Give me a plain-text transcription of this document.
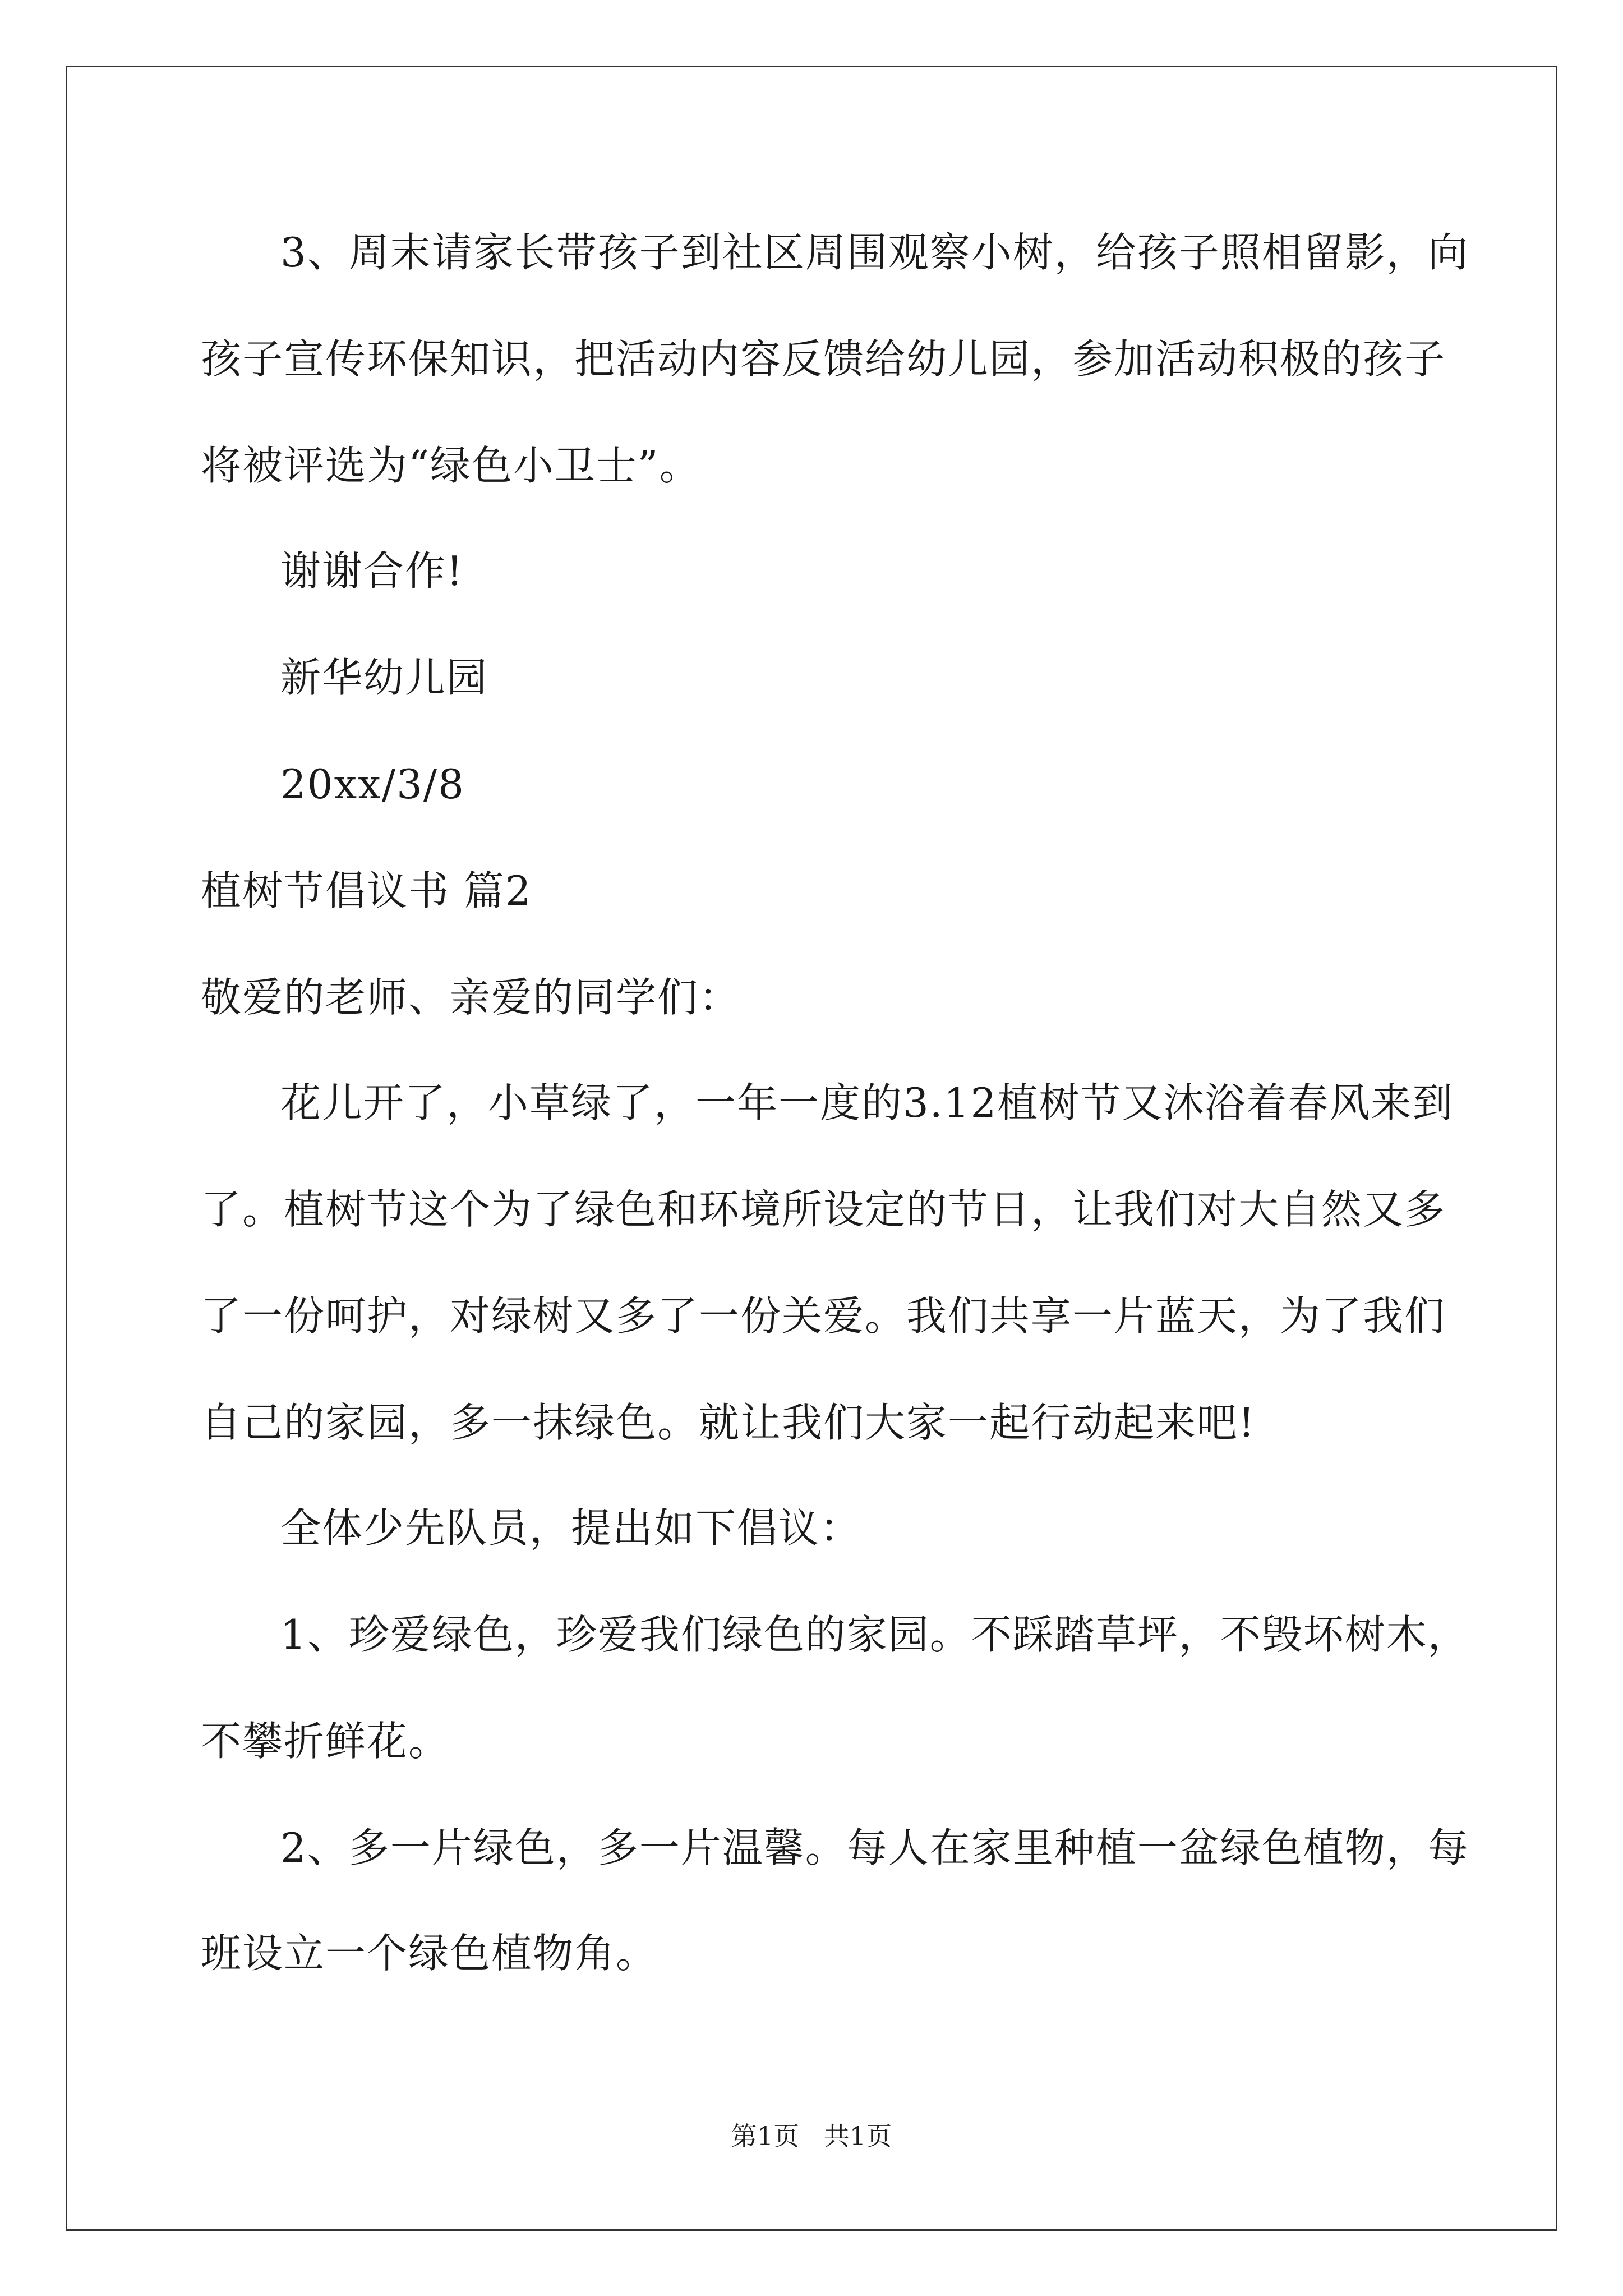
3、周末请家长带孩子到社区周围观察小树，给孩子照相留影，向
孩子宣传环保知识，把活动内容反馈给幼儿园，参加活动积极的孩子
将被评选为“绿色小卫士”。
谢谢合作!
新华幼儿园
20xx/3/8
植树节倡议书 篇2
敬爱的老师、亲爱的同学们：
花儿开了，小草绿了，一年一度的3.12植树节又沐浴着春风来到
了。植树节这个为了绿色和环境所设定的节日，让我们对大自然又多
了一份呵护，对绿树又多了一份关爱。我们共享一片蓝天，为了我们
自己的家园，多一抹绿色。就让我们大家一起行动起来吧!
全体少先队员，提出如下倡议：
1、珍爱绿色，珍爱我们绿色的家园。不踩踏草坪，不毁坏树木，
不攀折鲜花。
2、多一片绿色，多一片温馨。每人在家里种植一盆绿色植物，每
班设立一个绿色植物角。
第1页   共1页
